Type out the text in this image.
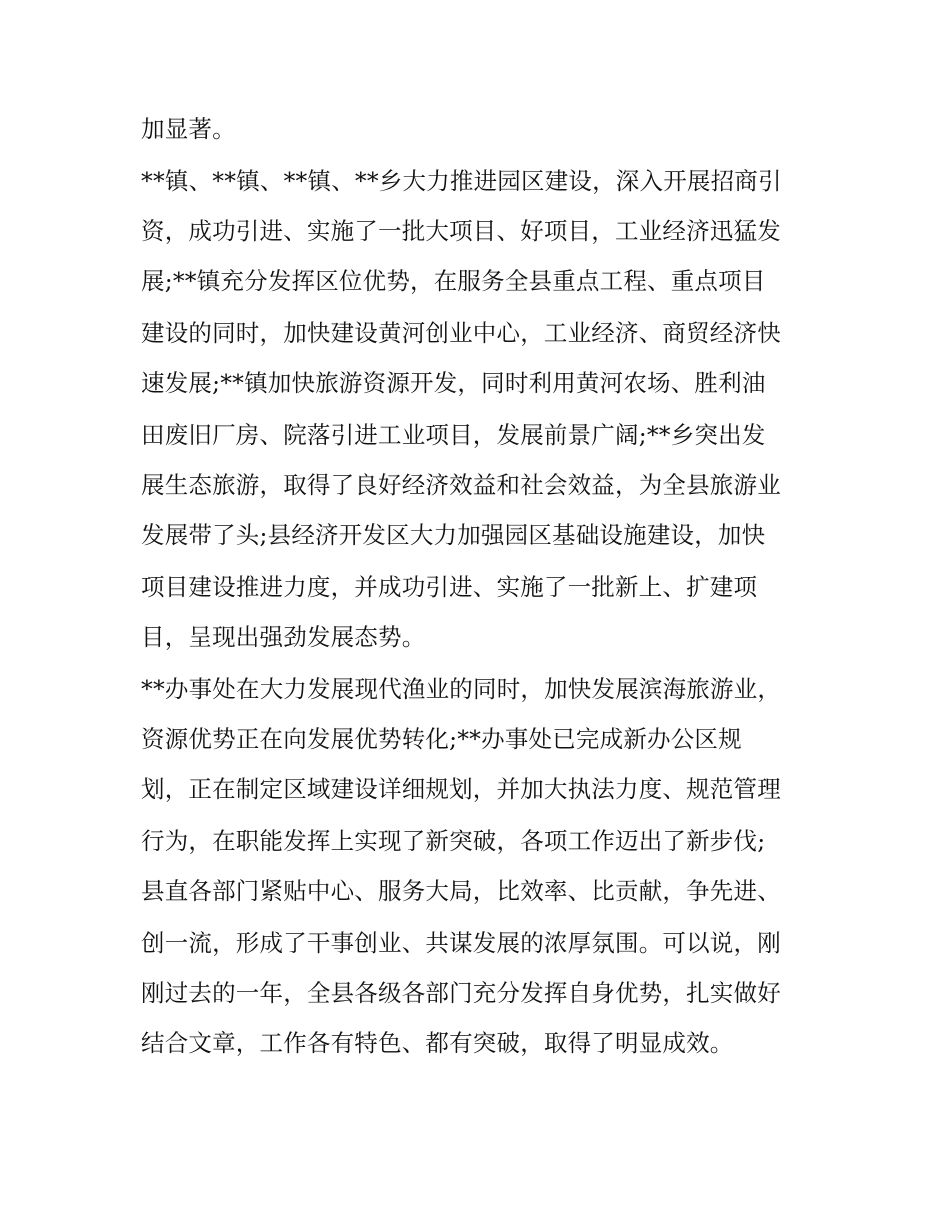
加显著。
**镇、**镇、**镇、**乡大力推进园区建设，深入开展招商引
资，成功引进、实施了一批大项目、好项目，工业经济迅猛发
展;**镇充分发挥区位优势，在服务全县重点工程、重点项目
建设的同时，加快建设黄河创业中心，工业经济、商贸经济快
速发展;**镇加快旅游资源开发，同时利用黄河农场、胜利油
田废旧厂房、院落引进工业项目，发展前景广阔;**乡突出发
展生态旅游，取得了良好经济效益和社会效益，为全县旅游业
发展带了头;县经济开发区大力加强园区基础设施建设，加快
项目建设推进力度，并成功引进、实施了一批新上、扩建项
目，呈现出强劲发展态势。
**办事处在大力发展现代渔业的同时，加快发展滨海旅游业，
资源优势正在向发展优势转化;**办事处已完成新办公区规
划，正在制定区域建设详细规划，并加大执法力度、规范管理
行为，在职能发挥上实现了新突破，各项工作迈出了新步伐;
县直各部门紧贴中心、服务大局，比效率、比贡献，争先进、
创一流，形成了干事创业、共谋发展的浓厚氛围。可以说，刚
刚过去的一年，全县各级各部门充分发挥自身优势，扎实做好
结合文章，工作各有特色、都有突破，取得了明显成效。
